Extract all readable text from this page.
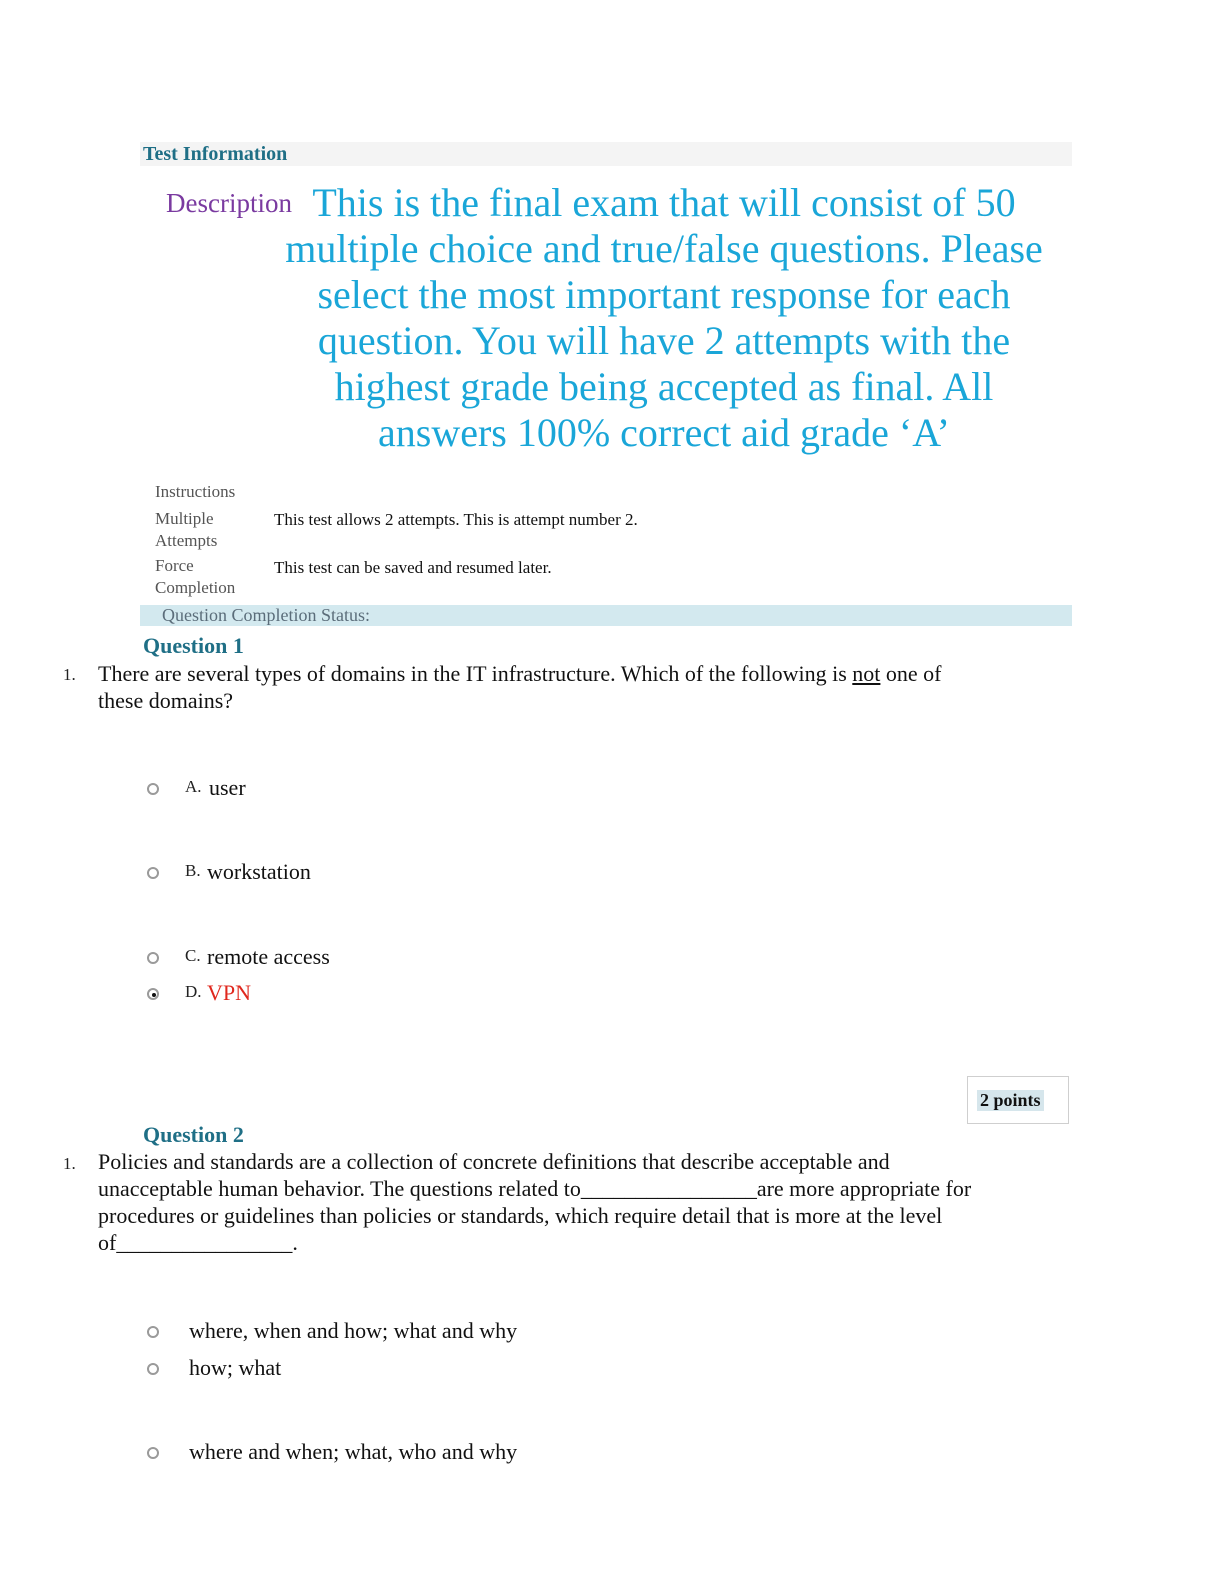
Test Information
Description This is the final exam that will consist of 50 multiple choice and true/false questions. Please select the most important response for each question. You will have 2 attempts with the highest grade being accepted as final. All answers 100% correct aid grade ‘A’
Instructions
Multiple
Attempts
This test allows 2 attempts. This is attempt number 2.
Force
Completion
This test can be saved and resumed later.
Question Completion Status:
Question 1
1. There are several types of domains in the IT infrastructure. Which of the following is not one of
these domains?
A. user
B. workstation
C. remote access
D. VPN
2 points
Question 2
1. Policies and standards are a collection of concrete definitions that describe acceptable and
unacceptable human behavior. The questions related to________________are more appropriate for
procedures or guidelines than policies or standards, which require detail that is more at the level
of________________.
where, when and how; what and why
how; what
where and when; what, who and why
